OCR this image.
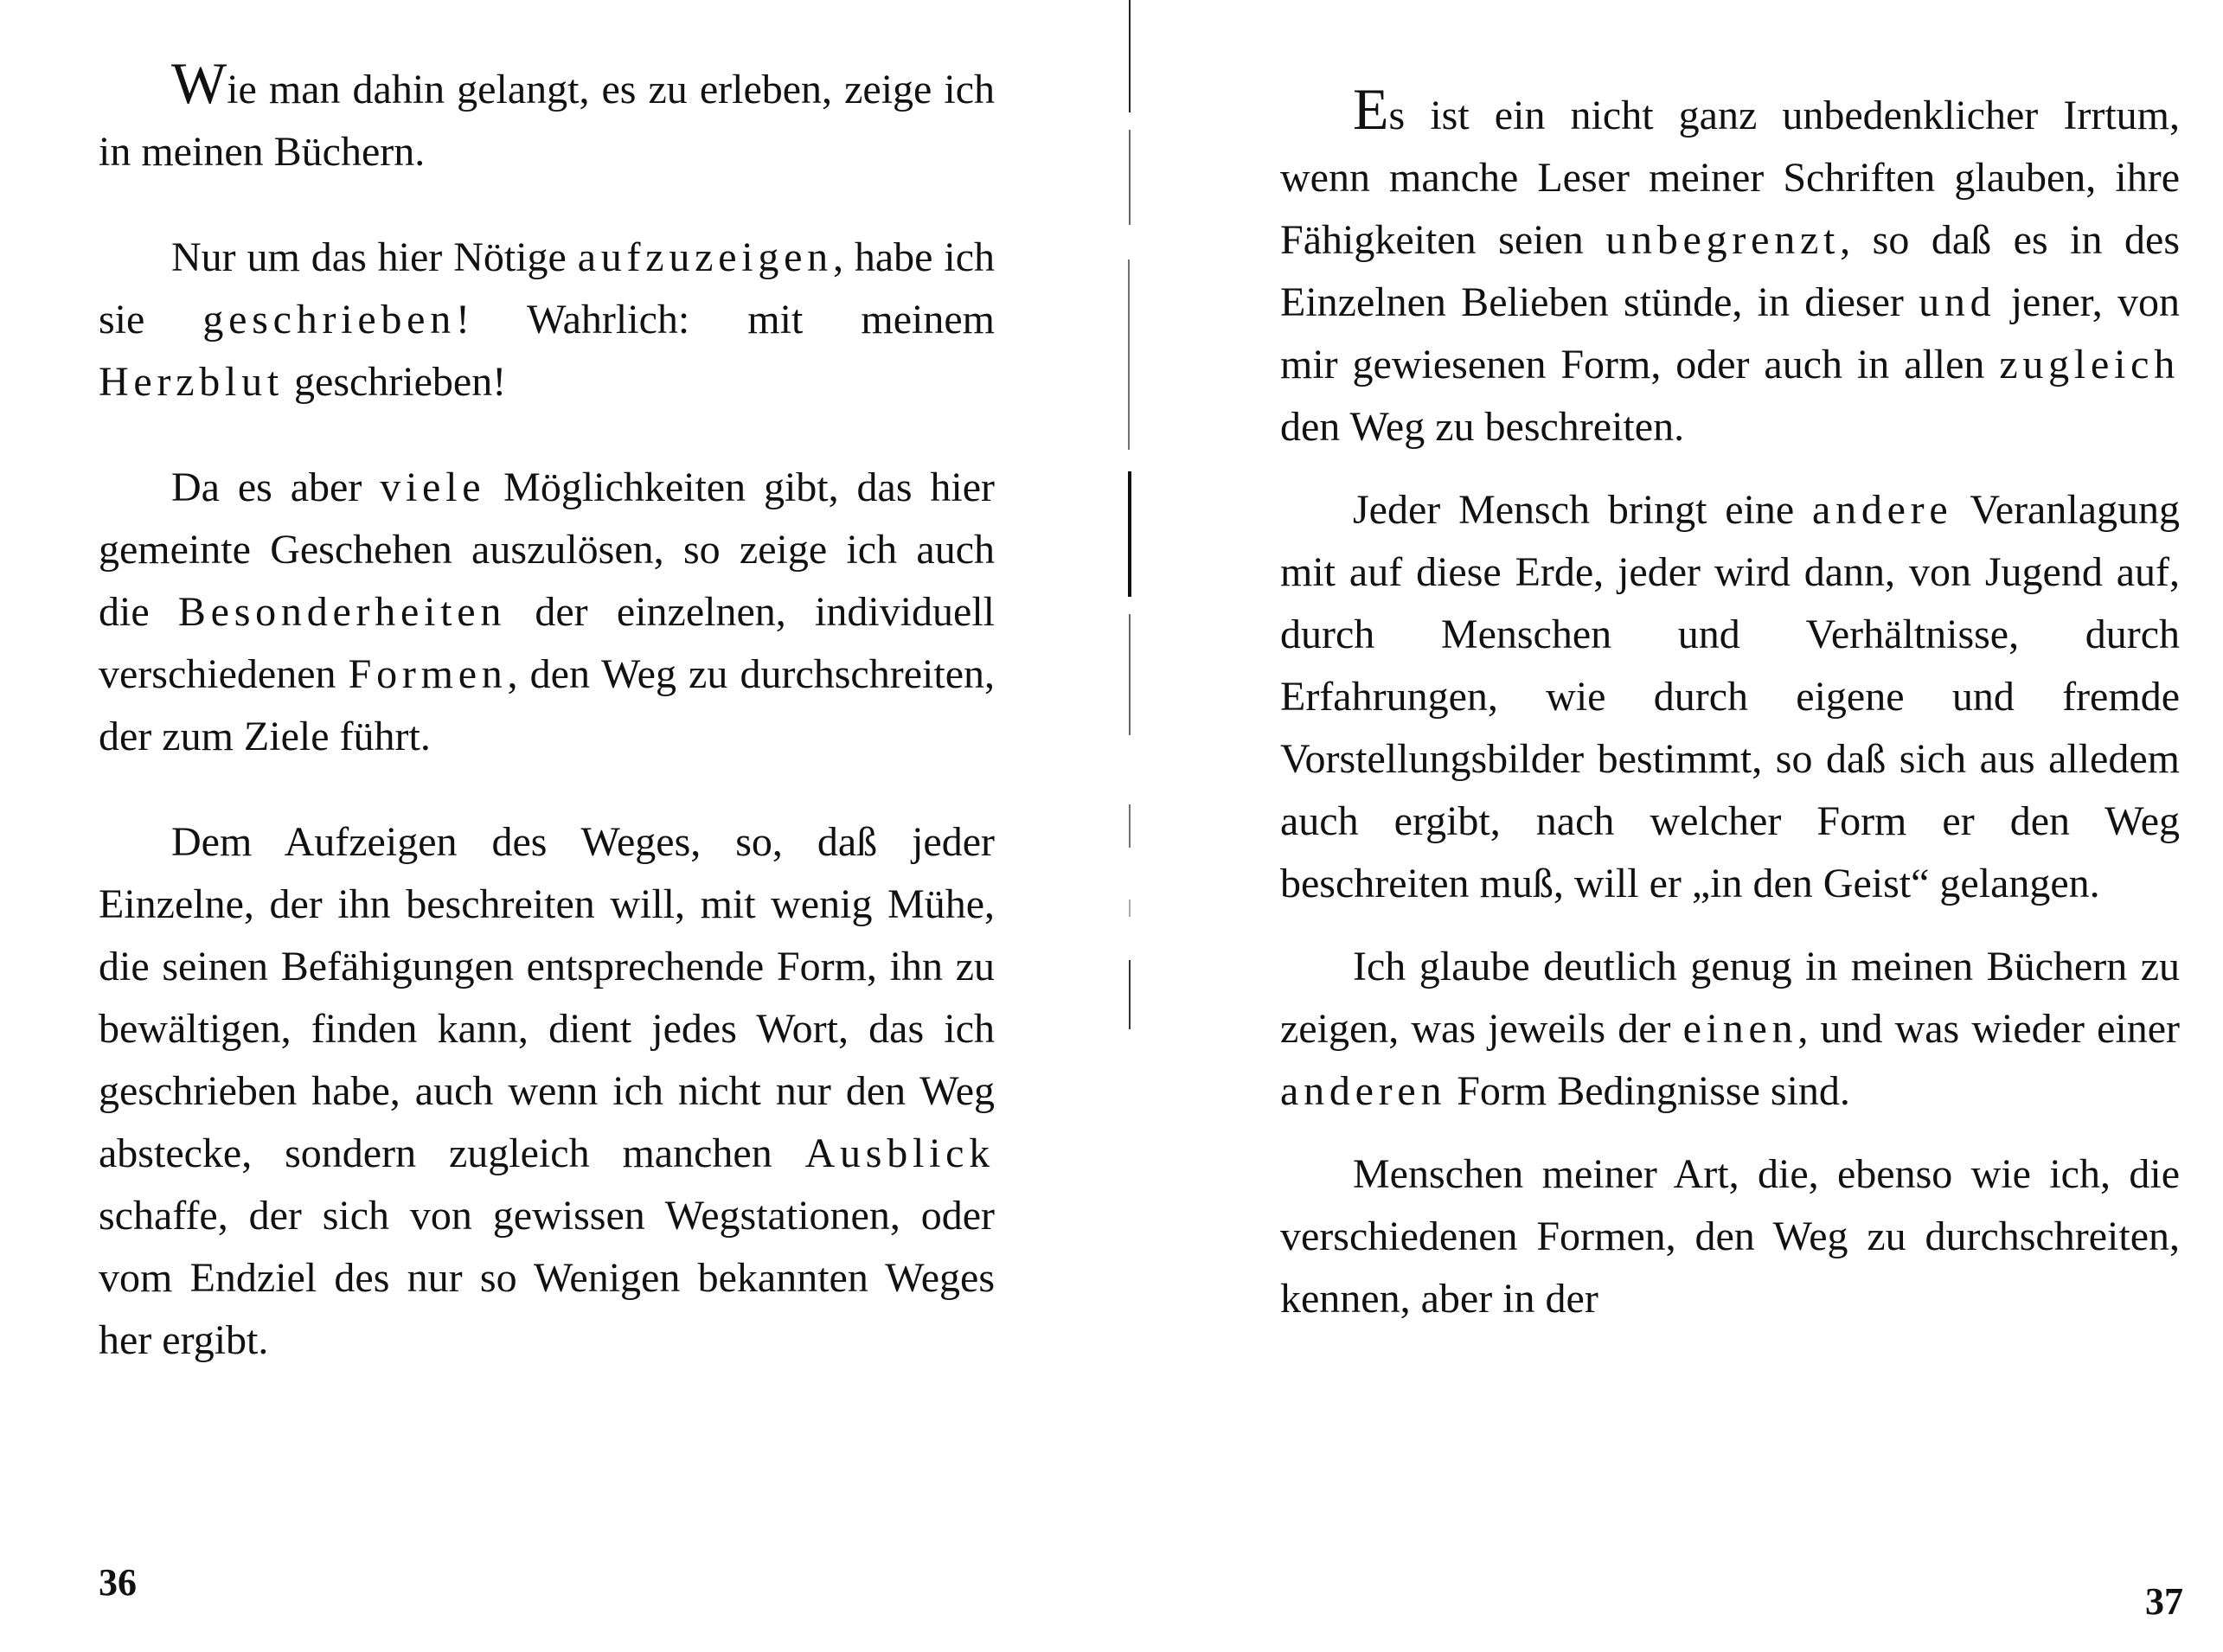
Wie man dahin gelangt, es zu erleben, zeige ich in meinen Büchern.

Nur um das hier Nötige aufzuzeigen, habe ich sie geschrieben! Wahrlich: mit meinem Herzblut geschrieben!

Da es aber viele Möglichkeiten gibt, das hier gemeinte Geschehen auszulösen, so zeige ich auch die Besonderheiten der einzelnen, individuell verschiedenen Formen, den Weg zu durchschreiten, der zum Ziele führt.

Dem Aufzeigen des Weges, so, daß jeder Einzelne, der ihn beschreiten will, mit wenig Mühe, die seinen Befähigungen entsprechende Form, ihn zu bewältigen, finden kann, dient jedes Wort, das ich geschrieben habe, auch wenn ich nicht nur den Weg abstecke, sondern zugleich manchen Ausblick schaffe, der sich von gewissen Wegstationen, oder vom Endziel des nur so Wenigen bekannten Weges her ergibt.

36

Es ist ein nicht ganz unbedenklicher Irrtum, wenn manche Leser meiner Schriften glauben, ihre Fähigkeiten seien unbegrenzt, so daß es in des Einzelnen Belieben stünde, in dieser und jener, von mir gewiesenen Form, oder auch in allen zugleich den Weg zu beschreiten.

Jeder Mensch bringt eine andere Veranlagung mit auf diese Erde, jeder wird dann, von Jugend auf, durch Menschen und Verhältnisse, durch Erfahrungen, wie durch eigene und fremde Vorstellungsbilder bestimmt, so daß sich aus alledem auch ergibt, nach welcher Form er den Weg beschreiten muß, will er „in den Geist“ gelangen.

Ich glaube deutlich genug in meinen Büchern zu zeigen, was jeweils der einen, und was wieder einer anderen Form Bedingnisse sind.

Menschen meiner Art, die, ebenso wie ich, die verschiedenen Formen, den Weg zu durchschreiten, kennen, aber in der

37
